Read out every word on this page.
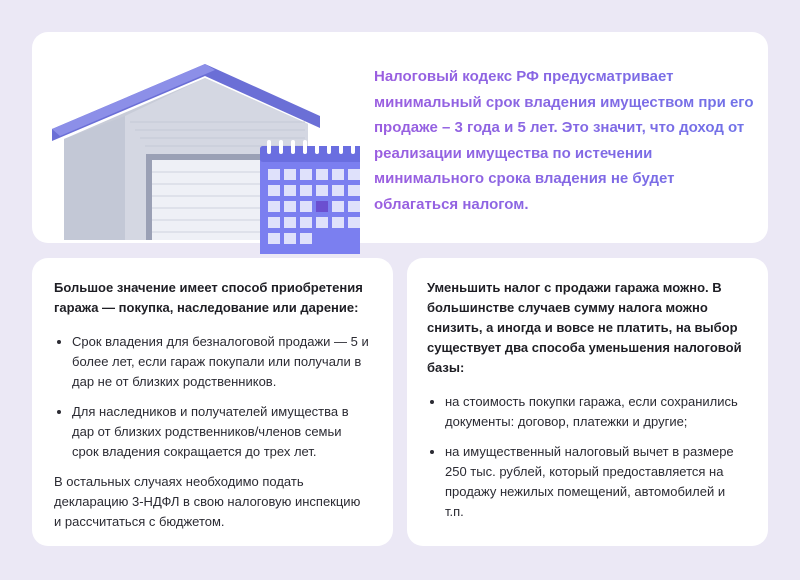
Налоговый кодекс РФ предусматривает минимальный срок владения имуществом при его продаже – 3 года и 5 лет. Это значит, что доход от реализации имущества по истечении минимального срока владения не будет облагаться налогом.

Большое значение имеет способ приобретения гаража — покупка, наследование или дарение:

Срок владения для безналоговой продажи — 5 и более лет, если гараж покупали или получали в дар не от близких родственников.
Для наследников и получателей имущества в дар от близких родственников/членов семьи срок владения сокращается до трех лет.

В остальных случаях необходимо подать декларацию 3-НДФЛ в свою налоговую инспекцию и рассчитаться с бюджетом.

Уменьшить налог с продажи гаража можно. В большинстве случаев сумму налога можно снизить, а иногда и вовсе не платить, на выбор существует два способа уменьшения налоговой базы:

на стоимость покупки гаража, если сохранились документы: договор, платежки и другие;
на имущественный налоговый вычет в размере 250 тыс. рублей, который предоставляется на продажу нежилых помещений, автомобилей и т.п.
